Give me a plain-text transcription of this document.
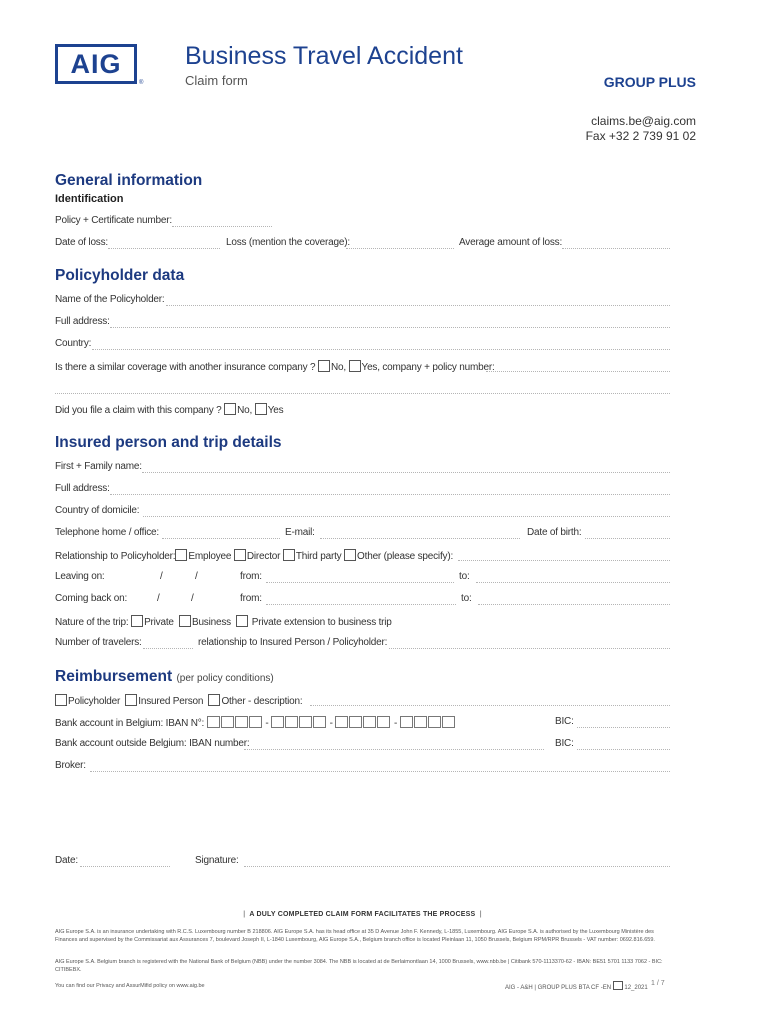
AIG
®
Business Travel Accident
Claim form	GROUP PLUS
claims.be@aig.com
Fax +32 2 739 91 02
General information
Identification
Policy + Certificate number:
Date of loss:	Loss (mention the coverage):	Average amount of loss:
Policyholder data
Name of the Policyholder:
Full address:
Country:
Is there a similar coverage with another insurance company ? No, Yes, company + policy number:
Did you file a claim with this company ? No, Yes
Insured person and trip details
First + Family name:
Full address:
Country of domicile:
Telephone home / office:	E-mail:	Date of birth:
Relationship to Policyholder: Employee Director Third party Other (please specify):
Leaving on:	/	/	from:	to:
Coming back on:	/	/	from:	to:
Nature of the trip: Private Business Private extension to business trip
Number of travelers:	relationship to Insured Person / Policyholder:
Reimbursement (per policy conditions)
Policyholder Insured Person Other - description:
Bank account in Belgium: IBAN N°:	-	-	-	BIC:
Bank account outside Belgium: IBAN number:	BIC:
Broker:
Date:	Signature:
| A DULY COMPLETED CLAIM FORM FACILITATES THE PROCESS |
AIG Europe S.A. is an insurance undertaking with R.C.S. Luxembourg number B 218806. AIG Europe S.A. has its head office at 35 D Avenue John F. Kennedy, L-1855, Luxembourg. AIG Europe S.A. is authorised by the Luxembourg Ministère des Finances and supervised by the Commissariat aux Assurances 7, boulevard Joseph II, L-1840 Luxembourg, AIG Europe S.A., Belgium branch office is located Pleinlaan 11, 1050 Brussels, Belgium RPM/RPR Brussels - VAT number: 0692.816.659.
AIG Europe S.A. Belgium branch is registered with the National Bank of Belgium (NBB) under the number 3084. The NBB is located at de Berlaimontlaan 14, 1000 Brussels, www.nbb.be | Citibank 570-1113370-62 - IBAN: BE51 5701 1133 7062 - BIC: CITIBEBX.
You can find our Privacy and AssurMifid policy on www.aig.be	AIG - A&H | GROUP PLUS BTA CF -EN 12_2021
1 / 7
